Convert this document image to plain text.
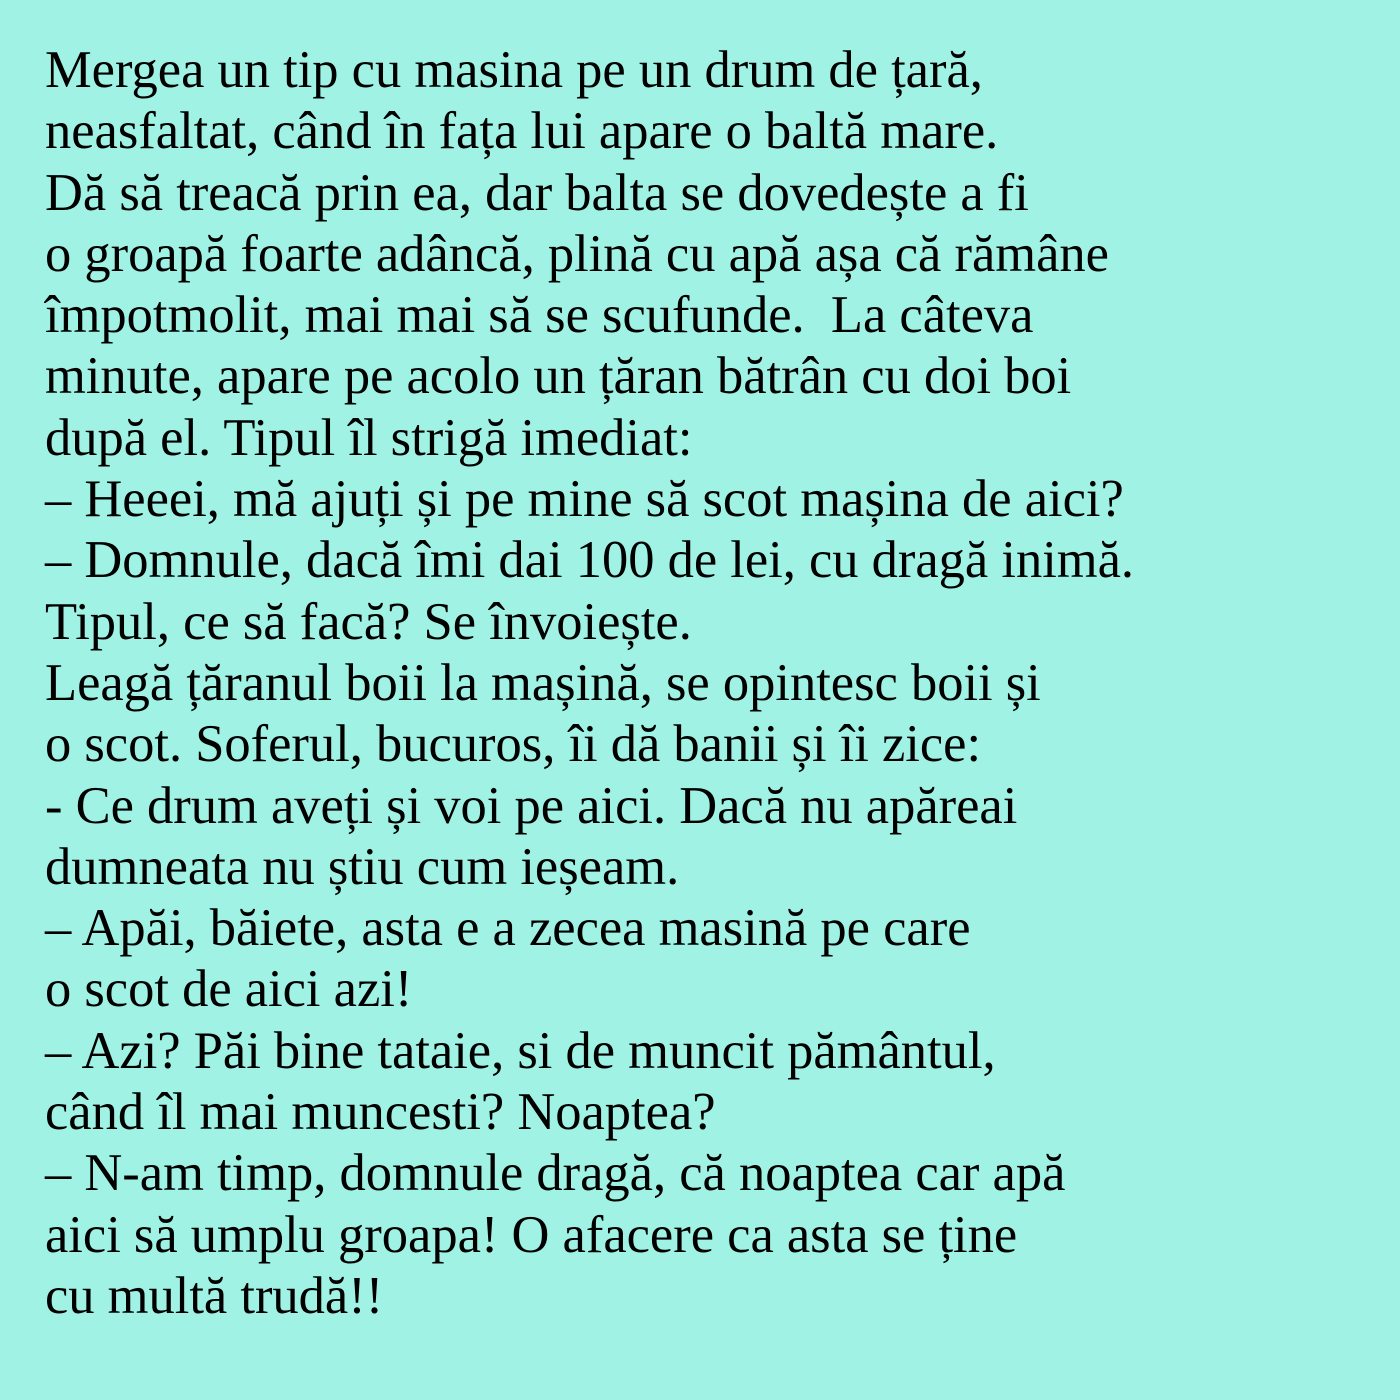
Mergea un tip cu masina pe un drum de țară,
neasfaltat, când în fața lui apare o baltă mare.
Dă să treacă prin ea, dar balta se dovedește a fi
o groapă foarte adâncă, plină cu apă așa că rămâne
împotmolit, mai mai să se scufunde.  La câteva
minute, apare pe acolo un țăran bătrân cu doi boi
după el. Tipul îl strigă imediat:
– Heeei, mă ajuți și pe mine să scot mașina de aici?
– Domnule, dacă îmi dai 100 de lei, cu dragă inimă.
Tipul, ce să facă? Se învoiește.
Leagă țăranul boii la mașină, se opintesc boii și
o scot. Soferul, bucuros, îi dă banii și îi zice:
- Ce drum aveți și voi pe aici. Dacă nu apăreai
dumneata nu știu cum ieșeam.
– Apăi, băiete, asta e a zecea masină pe care
o scot de aici azi!
– Azi? Păi bine tataie, si de muncit pământul,
când îl mai muncesti? Noaptea?
– N-am timp, domnule dragă, că noaptea car apă
aici să umplu groapa! O afacere ca asta se ține
cu multă trudă!!
